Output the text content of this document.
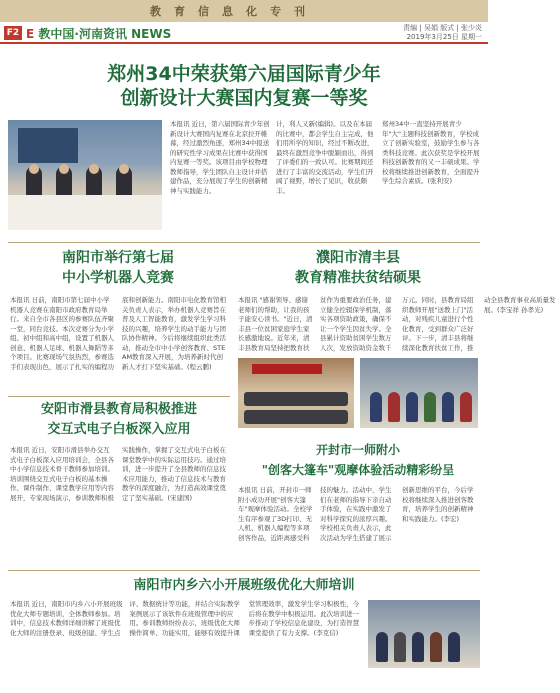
教育信息化专刊
F2 E 教中国·河南资讯 NEWS	责编 | 吴娟 版式 | 张少炎
2019年3月25日 星期一
郑州34中荣获第六届国际青少年
创新设计大赛国内复赛一等奖
本报讯 近日，第六届国际青少年创新设计大赛国内复赛在北京拉开帷幕，经过激烈角逐，郑州34中报送的研究性学习成果在比赛中获得国内复赛一等奖。该项目由学校物理教师指导，学生团队自主设计并搭建作品，充分展现了学生的创新精神与实践能力。
计，利人又新(编辑)。以及在本届的比赛中，都会学生自主完成，他们用所学的知识，经过不断改进，最终在激烈竞争中脱颖而出，得到了评委们的一致认可。比赛期间还进行了丰富的交流活动，学生们开阔了视野，增长了见识，收获颇丰。
郑州34中一直坚持开展青少年"大"主题科技创新教育，学校成立了创新实验室，鼓励学生参与各类科技竞赛。此次获奖是学校开展科技创新教育的又一丰硕成果。学校将继续推进创新教育，全面提升学生综合素质。(张利安)
南阳市举行第七届
中小学机器人竞赛
本报讯 日前，南阳市第七届中小学机器人竞赛在南阳市政府教育局举行。来自全市各县区的参赛队伍齐聚一堂，同台竞技。本次竞赛分为小学组、初中组和高中组，设置了机器人创意、机器人足球、机器人舞蹈等多个项目。比赛现场气氛热烈，参赛选手们表现出色，展示了扎实的编程功底和创新能力。南阳市电化教育馆相关负责人表示，举办机器人竞赛旨在普及人工智能教育，激发学生学习科技的兴趣，培养学生的动手能力与团队协作精神。今后将继续组织此类活动，推动全市中小学创客教育、STEAM教育深入开展，为培养新时代创新人才打下坚实基础。(程云鹏)
濮阳市清丰县
教育精准扶贫结硕果
本报讯 "感谢领导、感谢老师们的帮助，让我的孩子能安心读书。"近日，清丰县一位贫困家庭学生家长感激地说。近年来，清丰县教育局坚持把教育扶贫作为重要政治任务，建立健全控辍保学机制，落实各项资助政策，确保不让一个学生因贫失学。全县累计资助贫困学生数万人次，发放资助资金数千万元。同时，县教育局组织教师开展"送教上门"活动，对残疾儿童进行个性化教育，受到群众广泛好评。下一步，清丰县将继续深化教育扶贫工作，推动全县教育事业高质量发展。(李宝祥 孙孝光)
安阳市滑县教育局积极推进
交互式电子白板深入应用
本报讯 近日，安阳市滑县举办交互式电子白板深入应用培训会，全县各中小学信息技术骨干教师参加培训。培训围绕交互式电子白板的基本操作、课件制作、课堂教学应用等内容展开，专家现场演示，参训教师积极实践操作，掌握了交互式电子白板在课堂教学中的实际运用技巧。通过培训，进一步提升了全县教师的信息技术应用能力，推动了信息技术与教育教学的深度融合，为打造高效课堂奠定了坚实基础。(宋建国)
开封市一师附小
"创客大篷车"观摩体验活动精彩纷呈
本报讯 日前，开封市一师附小成功开展"创客大篷车"观摩体验活动。全校学生有序参观了3D打印、无人机、机器人编程等多项创客作品，近距离感受科技的魅力。活动中，学生们在老师的指导下亲自动手体验，在实践中激发了对科学探究的浓厚兴趣。学校相关负责人表示，此次活动为学生搭建了展示创新思维的平台，今后学校将继续深入推进创客教育，培养学生的创新精神和实践能力。(李宏)
南阳市内乡六小开展班级优化大师培训
本报讯 近日，南阳市内乡六小开展班级优化大师专题培训，全体教师参加。培训中，信息技术教师详细讲解了班级优化大师的注册登录、班级创建、学生点评、数据统计等功能，并结合实际教学案例展示了该软件在班级管理中的应用。参训教师纷纷表示，班级优化大师操作简单、功能实用，能够有效提升课堂管理效率，激发学生学习积极性，今后将在教学中积极运用。此次培训进一步推动了学校信息化建设，为打造智慧课堂提供了有力支撑。(李克信)
